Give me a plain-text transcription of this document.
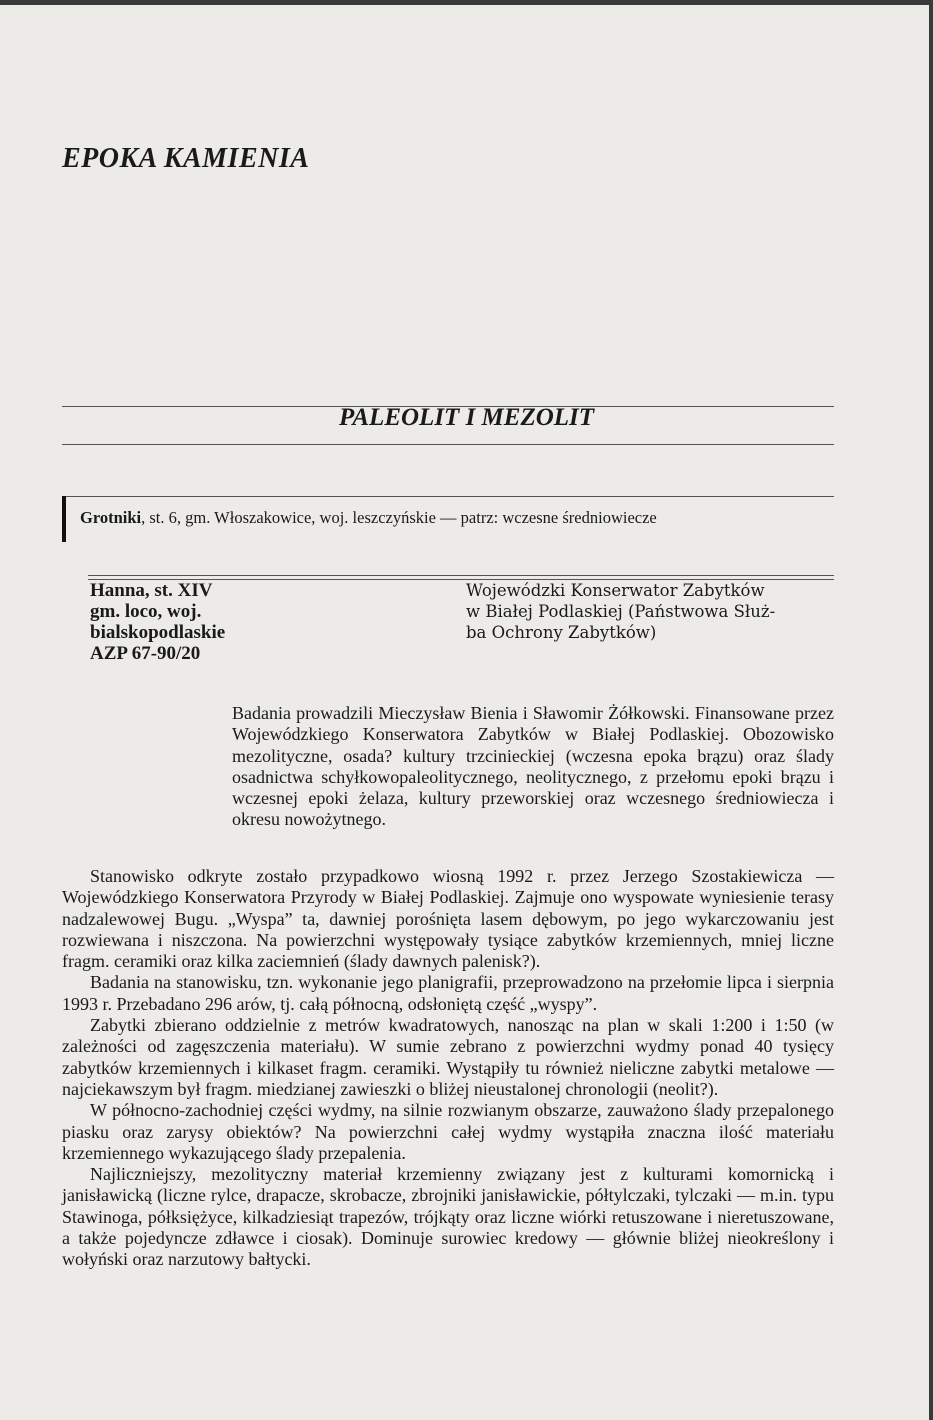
EPOKA KAMIENIA
PALEOLIT I MEZOLIT
Grotniki, st. 6, gm. Włoszakowice, woj. leszczyńskie — patrz: wczesne średniowiecze
Hanna, st. XIV
gm. loco, woj.
bialskopodlaskie
AZP 67-90/20
Wojewódzki Konserwator Zabytków
w Białej Podlaskiej (Państwowa Służ-
ba Ochrony Zabytków)
Badania prowadzili Mieczysław Bienia i Sławomir Żółkowski. Finansowane przez Wojewódzkiego Konserwatora Zabytków w Białej Podlaskiej. Obozowisko mezolityczne, osada? kultury trzcinieckiej (wczesna epoka brązu) oraz ślady osadnictwa schyłkowopaleolitycznego, neolitycznego, z przełomu epoki brązu i wczesnej epoki żelaza, kultury przeworskiej oraz wczesnego średniowiecza i okresu nowożytnego.

Stanowisko odkryte zostało przypadkowo wiosną 1992 r. przez Jerzego Szostakiewicza — Wojewódzkiego Konserwatora Przyrody w Białej Podlaskiej. Zajmuje ono wyspowate wyniesienie terasy nadzalewowej Bugu. „Wyspa” ta, dawniej porośnięta lasem dębowym, po jego wykarczowaniu jest rozwiewana i niszczona. Na powierzchni występowały tysiące zabytków krzemiennych, mniej liczne fragm. ceramiki oraz kilka zaciemnień (ślady dawnych palenisk?).

Badania na stanowisku, tzn. wykonanie jego planigrafii, przeprowadzono na przełomie lipca i sierpnia 1993 r. Przebadano 296 arów, tj. całą północną, odsłoniętą część „wyspy”.

Zabytki zbierano oddzielnie z metrów kwadratowych, nanosząc na plan w skali 1:200 i 1:50 (w zależności od zagęszczenia materiału). W sumie zebrano z powierzchni wydmy ponad 40 tysięcy zabytków krzemiennych i kilkaset fragm. ceramiki. Wystąpiły tu również nieliczne zabytki metalowe — najciekawszym był fragm. miedzianej zawieszki o bliżej nieustalonej chronologii (neolit?).

W północno-zachodniej części wydmy, na silnie rozwianym obszarze, zauważono ślady przepalonego piasku oraz zarysy obiektów? Na powierzchni całej wydmy wystąpiła znaczna ilość materiału krzemiennego wykazującego ślady przepalenia.

Najliczniejszy, mezolityczny materiał krzemienny związany jest z kulturami komornicką i janisławicką (liczne rylce, drapacze, skrobacze, zbrojniki janisławickie, półtylczaki, tylczaki — m.in. typu Stawinoga, półksiężyce, kilkadziesiąt trapezów, trójkąty oraz liczne wiórki retuszowane i nieretuszowane, a także pojedyncze zdławce i ciosak). Dominuje surowiec kredowy — głównie bliżej nieokreślony i wołyński oraz narzutowy bałtycki.
